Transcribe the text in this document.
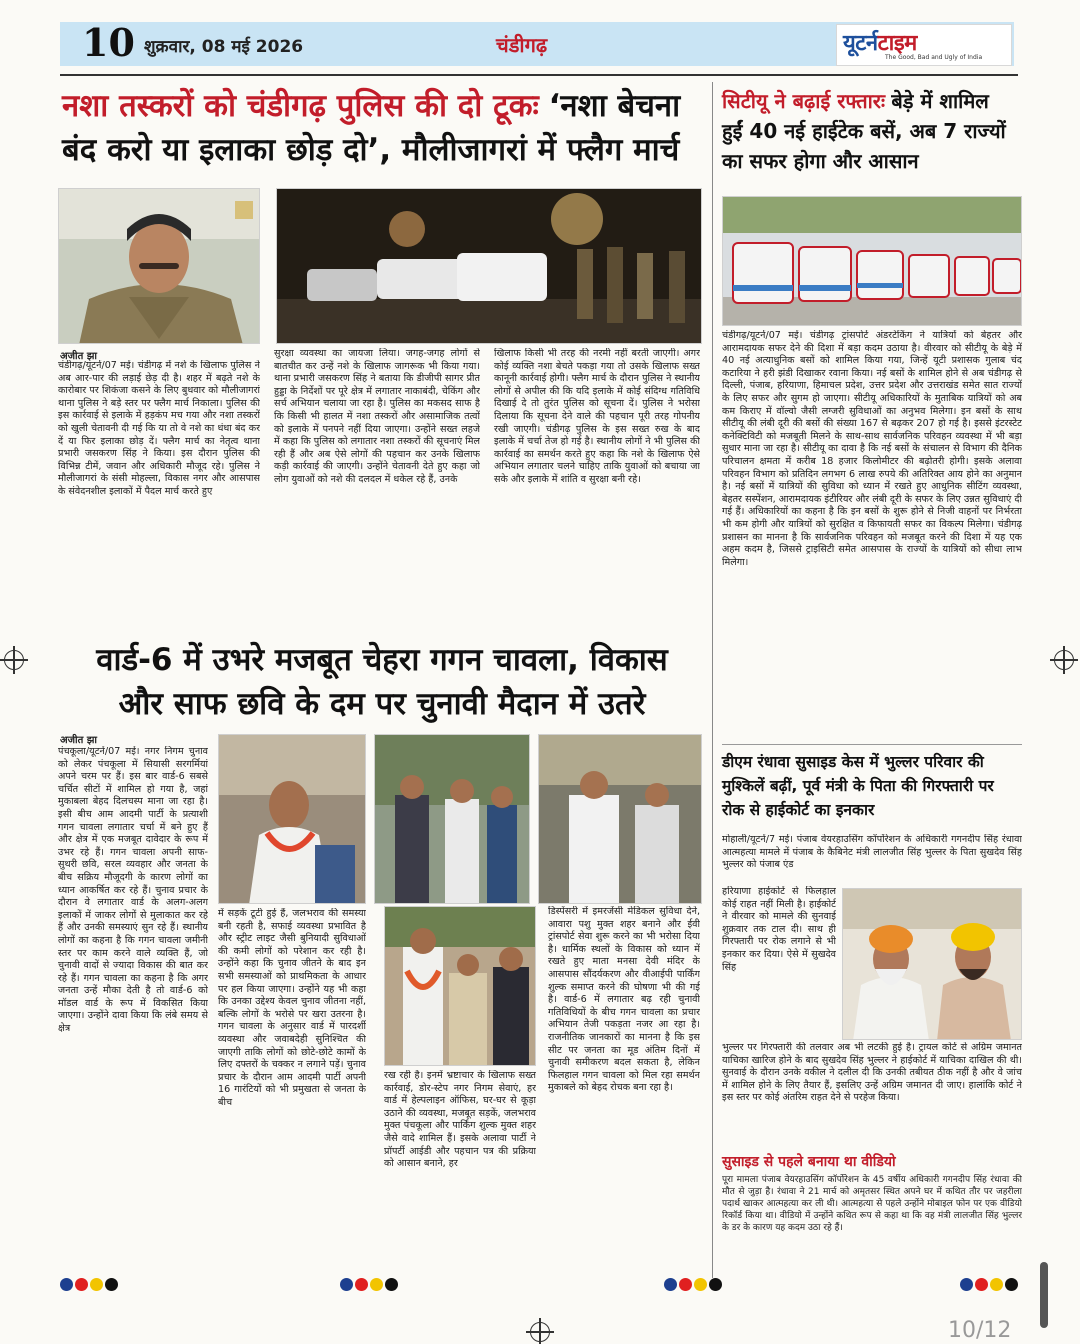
10 शुक्रवार, 08 मई 2026	चंडीगढ़	यूटर्नटाइम
The Good, Bad and Ugly of India
नशा तस्करों को चंडीगढ़ पुलिस की दो टूकः ‘नशा बेचना
बंद करो या इलाका छोड़ दो’, मौलीजागरां में फ्लैग मार्च
अजीत झा
चंडीगढ़/यूटर्न/07 मई। चंडीगढ़ में नशे के खिलाफ पुलिस ने अब आर-पार की लड़ाई छेड़ दी है। शहर में बढ़ते नशे के कारोबार पर शिकंजा कसने के लिए बुधवार को मौलीजागरां थाना पुलिस ने बड़े स्तर पर फ्लैग मार्च निकाला। पुलिस की इस कार्रवाई से इलाके में हड़कंप मच गया और नशा तस्करों को खुली चेतावनी दी गई कि या तो वे नशे का धंधा बंद कर दें या फिर इलाका छोड़ दें। फ्लैग मार्च का नेतृत्व थाना प्रभारी जसकरण सिंह ने किया। इस दौरान पुलिस की विभिन्न टीमें, जवान और अधिकारी मौजूद रहे। पुलिस ने मौलीजागरां के संसी मोहल्ला, विकास नगर और आसपास के संवेदनशील इलाकों में पैदल मार्च करते हुए
सुरक्षा व्यवस्था का जायजा लिया। जगह-जगह लोगों से बातचीत कर उन्हें नशे के खिलाफ जागरूक भी किया गया। थाना प्रभारी जसकरण सिंह ने बताया कि डीजीपी सागर प्रीत हुड्डा के निर्देशों पर पूरे क्षेत्र में लगातार नाकाबंदी, चेकिंग और सर्च अभियान चलाया जा रहा है। पुलिस का मकसद साफ है कि किसी भी हालत में नशा तस्करों और असामाजिक तत्वों को इलाके में पनपने नहीं दिया जाएगा। उन्होंने सख्त लहजे में कहा कि पुलिस को लगातार नशा तस्करों की सूचनाएं मिल रही हैं और अब ऐसे लोगों की पहचान कर उनके खिलाफ कड़ी कार्रवाई की जाएगी। उन्होंने चेतावनी देते हुए कहा जो लोग युवाओं को नशे की दलदल में धकेल रहे हैं, उनके
खिलाफ किसी भी तरह की नरमी नहीं बरती जाएगी। अगर कोई व्यक्ति नशा बेचते पकड़ा गया तो उसके खिलाफ सख्त कानूनी कार्रवाई होगी। फ्लैग मार्च के दौरान पुलिस ने स्थानीय लोगों से अपील की कि यदि इलाके में कोई संदिग्ध गतिविधि दिखाई दे तो तुरंत पुलिस को सूचना दें। पुलिस ने भरोसा दिलाया कि सूचना देने वाले की पहचान पूरी तरह गोपनीय रखी जाएगी। चंडीगढ़ पुलिस के इस सख्त रुख के बाद इलाके में चर्चा तेज हो गई है। स्थानीय लोगों ने भी पुलिस की कार्रवाई का समर्थन करते हुए कहा कि नशे के खिलाफ ऐसे अभियान लगातार चलने चाहिए ताकि युवाओं को बचाया जा सके और इलाके में शांति व सुरक्षा बनी रहे।
वार्ड-6 में उभरे मजबूत चेहरा गगन चावला, विकास
और साफ छवि के दम पर चुनावी मैदान में उतरे
अजीत झा
पंचकूला/यूटर्न/07 मई। नगर निगम चुनाव को लेकर पंचकूला में सियासी सरगर्मियां अपने चरम पर हैं। इस बार वार्ड-6 सबसे चर्चित सीटों में शामिल हो गया है, जहां मुकाबला बेहद दिलचस्प माना जा रहा है। इसी बीच आम आदमी पार्टी के प्रत्याशी गगन चावला लगातार चर्चा में बने हुए हैं और क्षेत्र में एक मजबूत दावेदार के रूप में उभर रहे हैं। गगन चावला अपनी साफ-सुथरी छवि, सरल व्यवहार और जनता के बीच सक्रिय मौजूदगी के कारण लोगों का ध्यान आकर्षित कर रहे हैं। चुनाव प्रचार के दौरान वे लगातार वार्ड के अलग-अलग इलाकों में जाकर लोगों से मुलाकात कर रहे हैं और उनकी समस्याएं सुन रहे हैं। स्थानीय लोगों का कहना है कि गगन चावला जमीनी स्तर पर काम करने वाले व्यक्ति हैं, जो चुनावी वादों से ज्यादा विकास की बात कर रहे हैं। गगन चावला का कहना है कि अगर जनता उन्हें मौका देती है तो वार्ड-6 को मॉडल वार्ड के रूप में विकसित किया जाएगा। उन्होंने दावा किया कि लंबे समय से क्षेत्र
में सड़कें टूटी हुई हैं, जलभराव की समस्या बनी रहती है, सफाई व्यवस्था प्रभावित है और स्ट्रीट लाइट जैसी बुनियादी सुविधाओं की कमी लोगों को परेशान कर रही है। उन्होंने कहा कि चुनाव जीतने के बाद इन सभी समस्याओं को प्राथमिकता के आधार पर हल किया जाएगा। उन्होंने यह भी कहा कि उनका उद्देश्य केवल चुनाव जीतना नहीं, बल्कि लोगों के भरोसे पर खरा उतरना है। गगन चावला के अनुसार वार्ड में पारदर्शी व्यवस्था और जवाबदेही सुनिश्चित की जाएगी ताकि लोगों को छोटे-छोटे कामों के लिए दफ्तरों के चक्कर न लगाने पड़ें। चुनाव प्रचार के दौरान आम आदमी पार्टी अपनी 16 गारंटियों को भी प्रमुखता से जनता के बीच
रख रही है। इनमें भ्रष्टाचार के खिलाफ सख्त कार्रवाई, डोर-स्टेप नगर निगम सेवाएं, हर वार्ड में हेल्पलाइन ऑफिस, घर-घर से कूड़ा उठाने की व्यवस्था, मजबूत सड़कें, जलभराव मुक्त पंचकूला और पार्किंग शुल्क मुक्त शहर जैसे वादे शामिल हैं। इसके अलावा पार्टी ने प्रॉपर्टी आईडी और पहचान पत्र की प्रक्रिया को आसान बनाने, हर
डिस्पेंसरी में इमरजेंसी मेडिकल सुविधा देने, आवारा पशु मुक्त शहर बनाने और ईवी ट्रांसपोर्ट सेवा शुरू करने का भी भरोसा दिया है। धार्मिक स्थलों के विकास को ध्यान में रखते हुए माता मनसा देवी मंदिर के आसपास सौंदर्यकरण और वीआईपी पार्किंग शुल्क समाप्त करने की घोषणा भी की गई है। वार्ड-6 में लगातार बढ़ रही चुनावी गतिविधियों के बीच गगन चावला का प्रचार अभियान तेजी पकड़ता नजर आ रहा है। राजनीतिक जानकारों का मानना है कि इस सीट पर जनता का मूड अंतिम दिनों में चुनावी समीकरण बदल सकता है, लेकिन फिलहाल गगन चावला को मिल रहा समर्थन मुकाबले को बेहद रोचक बना रहा है।
सिटीयू ने बढ़ाई रफ्तारः बेड़े में शामिल
हुईं 40 नई हाईटेक बसें, अब 7 राज्यों
का सफर होगा और आसान
चंडीगढ़/यूटर्न/07 मई। चंडीगढ़ ट्रांसपोर्ट अंडरटेकिंग ने यात्रियों को बेहतर और आरामदायक सफर देने की दिशा में बड़ा कदम उठाया है। वीरवार को सीटीयू के बेड़े में 40 नई अत्याधुनिक बसों को शामिल किया गया, जिन्हें यूटी प्रशासक गुलाब चंद कटारिया ने हरी झंडी दिखाकर रवाना किया। नई बसों के शामिल होने से अब चंडीगढ़ से दिल्ली, पंजाब, हरियाणा, हिमाचल प्रदेश, उत्तर प्रदेश और उत्तराखंड समेत सात राज्यों के लिए सफर और सुगम हो जाएगा। सीटीयू अधिकारियों के मुताबिक यात्रियों को अब कम किराए में वॉल्वो जैसी लग्जरी सुविधाओं का अनुभव मिलेगा। इन बसों के साथ सीटीयू की लंबी दूरी की बसों की संख्या 167 से बढ़कर 207 हो गई है। इससे इंटरस्टेट कनेक्टिविटी को मजबूती मिलने के साथ-साथ सार्वजनिक परिवहन व्यवस्था में भी बड़ा सुधार माना जा रहा है। सीटीयू का दावा है कि नई बसों के संचालन से विभाग की दैनिक परिचालन क्षमता में करीब 18 हजार किलोमीटर की बढ़ोतरी होगी। इसके अलावा परिवहन विभाग को प्रतिदिन लगभग 6 लाख रुपये की अतिरिक्त आय होने का अनुमान है। नई बसों में यात्रियों की सुविधा को ध्यान में रखते हुए आधुनिक सीटिंग व्यवस्था, बेहतर सस्पेंशन, आरामदायक इंटीरियर और लंबी दूरी के सफर के लिए उन्नत सुविधाएं दी गई हैं। अधिकारियों का कहना है कि इन बसों के शुरू होने से निजी वाहनों पर निर्भरता भी कम होगी और यात्रियों को सुरक्षित व किफायती सफर का विकल्प मिलेगा। चंडीगढ़ प्रशासन का मानना है कि सार्वजनिक परिवहन को मजबूत करने की दिशा में यह एक अहम कदम है, जिससे ट्राइसिटी समेत आसपास के राज्यों के यात्रियों को सीधा लाभ मिलेगा।
डीएम रंधावा सुसाइड केस में भुल्लर परिवार की
मुश्किलें बढ़ीं, पूर्व मंत्री के पिता की गिरफ्तारी पर
रोक से हाईकोर्ट का इनकार
मोहाली/यूटर्न/7 मई। पंजाब वेयरहाउसिंग कॉर्पोरेशन के अधिकारी गगनदीप सिंह रंधावा आत्महत्या मामले में पंजाब के कैबिनेट मंत्री लालजीत सिंह भुल्लर के पिता सुखदेव सिंह भुल्लर को पंजाब एंड
हरियाणा हाईकोर्ट से फिलहाल कोई राहत नहीं मिली है। हाईकोर्ट ने वीरवार को मामले की सुनवाई शुक्रवार तक टाल दी। साथ ही गिरफ्तारी पर रोक लगाने से भी इनकार कर दिया। ऐसे में सुखदेव सिंह
भुल्लर पर गिरफ्तारी की तलवार अब भी लटकी हुई है। ट्रायल कोर्ट से अग्रिम जमानत याचिका खारिज होने के बाद सुखदेव सिंह भुल्लर ने हाईकोर्ट में याचिका दाखिल की थी। सुनवाई के दौरान उनके वकील ने दलील दी कि उनकी तबीयत ठीक नहीं है और वे जांच में शामिल होने के लिए तैयार हैं, इसलिए उन्हें अग्रिम जमानत दी जाए। हालांकि कोर्ट ने इस स्तर पर कोई अंतरिम राहत देने से परहेज किया।
सुसाइड से पहले बनाया था वीडियो
पूरा मामला पंजाब वेयरहाउसिंग कॉर्पोरेशन के 45 वर्षीय अधिकारी गगनदीप सिंह रंधावा की मौत से जुड़ा है। रंधावा ने 21 मार्च को अमृतसर स्थित अपने घर में कथित तौर पर जहरीला पदार्थ खाकर आत्महत्या कर ली थी। आत्महत्या से पहले उन्होंने मोबाइल फोन पर एक वीडियो रिकॉर्ड किया था। वीडियो में उन्होंने कथित रूप से कहा था कि वह मंत्री लालजीत सिंह भुल्लर के डर के कारण यह कदम उठा रहे हैं।
10/12
